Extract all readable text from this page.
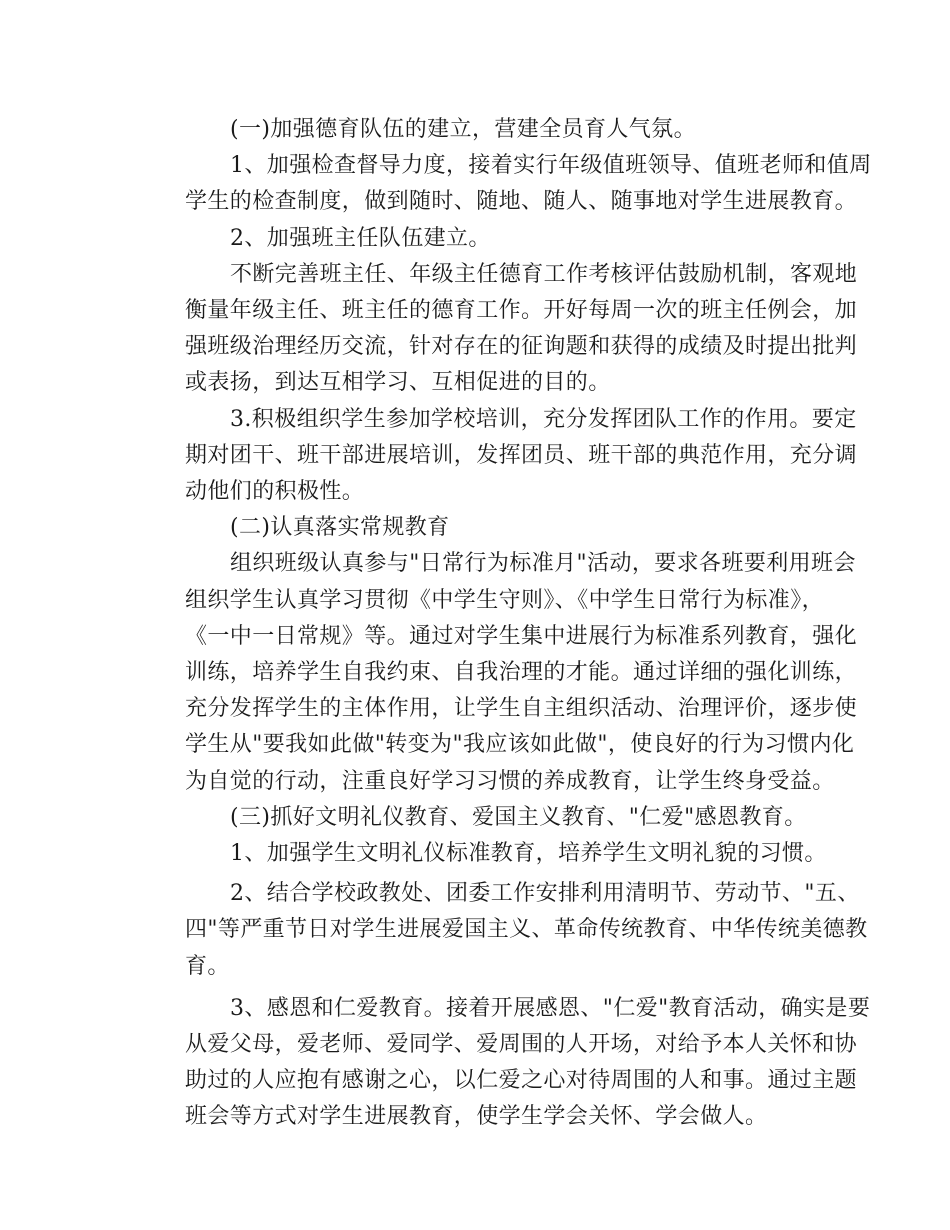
(一)加强德育队伍的建立，营建全员育人气氛。
1、加强检查督导力度，接着实行年级值班领导、值班老师和值周
学生的检查制度，做到随时、随地、随人、随事地对学生进展教育。
2、加强班主任队伍建立。
不断完善班主任、年级主任德育工作考核评估鼓励机制，客观地
衡量年级主任、班主任的德育工作。开好每周一次的班主任例会，加
强班级治理经历交流，针对存在的征询题和获得的成绩及时提出批判
或表扬，到达互相学习、互相促进的目的。
3.积极组织学生参加学校培训，充分发挥团队工作的作用。要定
期对团干、班干部进展培训，发挥团员、班干部的典范作用，充分调
动他们的积极性。
(二)认真落实常规教育
组织班级认真参与"日常行为标准月"活动，要求各班要利用班会
组织学生认真学习贯彻《中学生守则》、《中学生日常行为标准》，
《一中一日常规》等。通过对学生集中进展行为标准系列教育，强化
训练，培养学生自我约束、自我治理的才能。通过详细的强化训练，
充分发挥学生的主体作用，让学生自主组织活动、治理评价，逐步使
学生从"要我如此做"转变为"我应该如此做"，使良好的行为习惯内化
为自觉的行动，注重良好学习习惯的养成教育，让学生终身受益。
(三)抓好文明礼仪教育、爱国主义教育、"仁爱"感恩教育。
1、加强学生文明礼仪标准教育，培养学生文明礼貌的习惯。
2、结合学校政教处、团委工作安排利用清明节、劳动节、"五、
四"等严重节日对学生进展爱国主义、革命传统教育、中华传统美德教
育。
3、感恩和仁爱教育。接着开展感恩、"仁爱"教育活动，确实是要
从爱父母，爱老师、爱同学、爱周围的人开场，对给予本人关怀和协
助过的人应抱有感谢之心，以仁爱之心对待周围的人和事。通过主题
班会等方式对学生进展教育，使学生学会关怀、学会做人。
